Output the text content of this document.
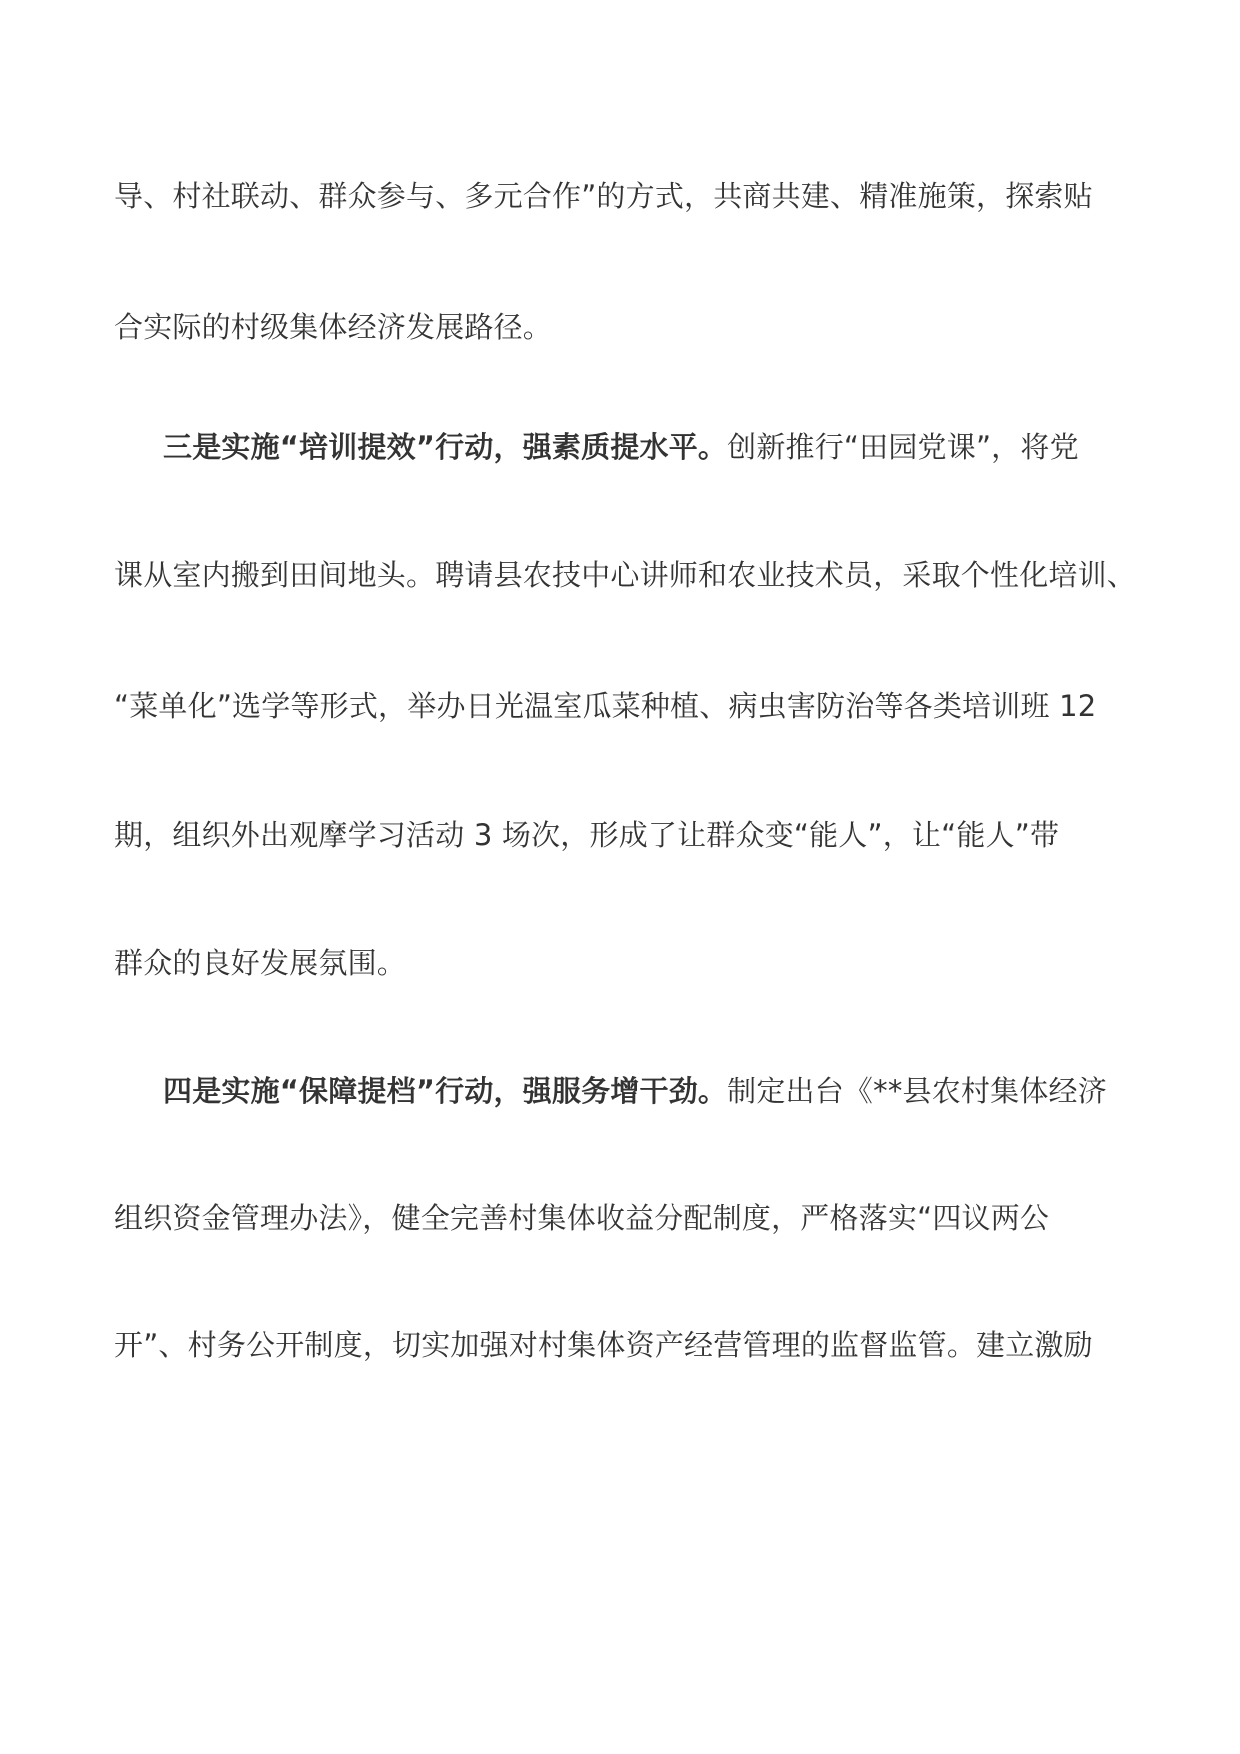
导、村社联动、群众参与、多元合作”的方式，共商共建、精准施策，探索贴
合实际的村级集体经济发展路径。
三是实施“培训提效”行动，强素质提水平。创新推行“田园党课”，将党
课从室内搬到田间地头。聘请县农技中心讲师和农业技术员，采取个性化培训、
“菜单化”选学等形式，举办日光温室瓜菜种植、病虫害防治等各类培训班 12
期，组织外出观摩学习活动 3 场次，形成了让群众变“能人”，让“能人”带
群众的良好发展氛围。
四是实施“保障提档”行动，强服务增干劲。制定出台《**县农村集体经济
组织资金管理办法》，健全完善村集体收益分配制度，严格落实“四议两公
开”、村务公开制度，切实加强对村集体资产经营管理的监督监管。建立激励
